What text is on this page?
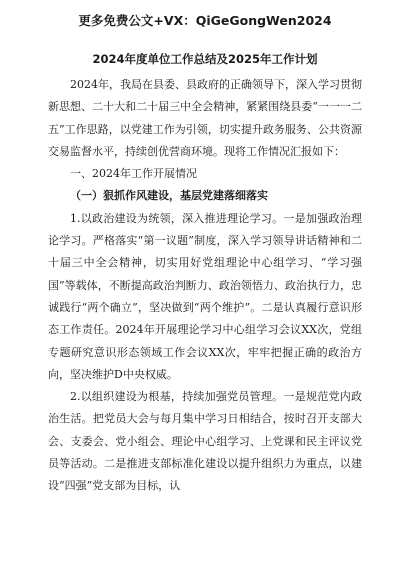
更多免费公文+VX：QiGeGongWen2024
2024年度单位工作总结及2025年工作计划

2024年，我局在县委、县政府的正确领导下，深入学习贯彻新思想、二十大和二十届三中全会精神，紧紧围绕县委“一一一二五”工作思路，以党建工作为引领，切实提升政务服务、公共资源交易监督水平，持续创优营商环境。现将工作情况汇报如下：

一、2024年工作开展情况

（一）狠抓作风建设，基层党建落细落实

1.以政治建设为统领，深入推进理论学习。一是加强政治理论学习。严格落实“第一议题”制度，深入学习领导讲话精神和二十届三中全会精神，切实用好党组理论中心组学习、“学习强国”等载体，不断提高政治判断力、政治领悟力、政治执行力，忠诚践行“两个确立”，坚决做到“两个维护”。二是认真履行意识形态工作责任。2024年开展理论学习中心组学习会议XX次，党组专题研究意识形态领域工作会议XX次，牢牢把握正确的政治方向，坚决维护D中央权威。

2.以组织建设为根基，持续加强党员管理。一是规范党内政治生活。把党员大会与每月集中学习日相结合，按时召开支部大会、支委会、党小组会、理论中心组学习、上党课和民主评议党员等活动。二是推进支部标准化建设以提升组织力为重点，以建设“四强”党支部为目标，认
